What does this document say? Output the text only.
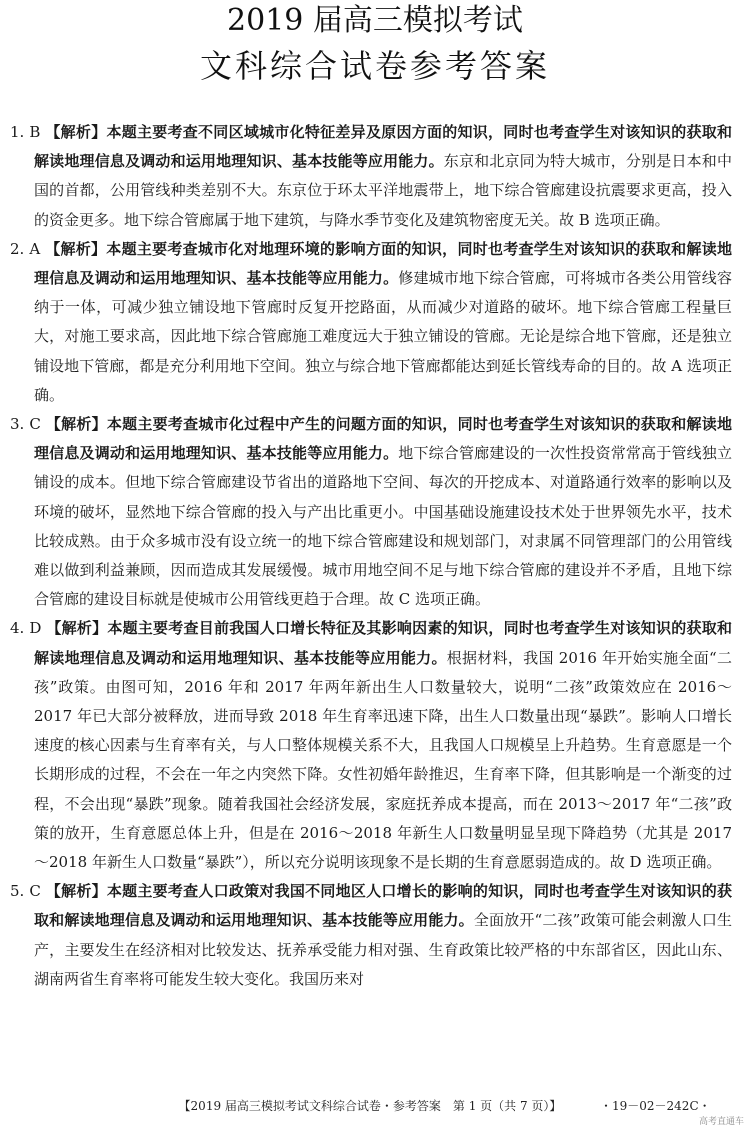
2019 届高三模拟考试
文科综合试卷参考答案
1. B 【解析】本题主要考查不同区域城市化特征差异及原因方面的知识，同时也考查学生对该知识的获取和解读地理信息及调动和运用地理知识、基本技能等应用能力。东京和北京同为特大城市，分别是日本和中国的首都，公用管线种类差别不大。东京位于环太平洋地震带上，地下综合管廊建设抗震要求更高，投入的资金更多。地下综合管廊属于地下建筑，与降水季节变化及建筑物密度无关。故 B 选项正确。
2. A 【解析】本题主要考查城市化对地理环境的影响方面的知识，同时也考查学生对该知识的获取和解读地理信息及调动和运用地理知识、基本技能等应用能力。修建城市地下综合管廊，可将城市各类公用管线容纳于一体，可减少独立铺设地下管廊时反复开挖路面，从而减少对道路的破坏。地下综合管廊工程量巨大，对施工要求高，因此地下综合管廊施工难度远大于独立铺设的管廊。无论是综合地下管廊，还是独立铺设地下管廊，都是充分利用地下空间。独立与综合地下管廊都能达到延长管线寿命的目的。故 A 选项正确。
3. C 【解析】本题主要考查城市化过程中产生的问题方面的知识，同时也考查学生对该知识的获取和解读地理信息及调动和运用地理知识、基本技能等应用能力。地下综合管廊建设的一次性投资常常高于管线独立铺设的成本。但地下综合管廊建设节省出的道路地下空间、每次的开挖成本、对道路通行效率的影响以及环境的破坏，显然地下综合管廊的投入与产出比重更小。中国基础设施建设技术处于世界领先水平，技术比较成熟。由于众多城市没有设立统一的地下综合管廊建设和规划部门，对隶属不同管理部门的公用管线难以做到利益兼顾，因而造成其发展缓慢。城市用地空间不足与地下综合管廊的建设并不矛盾，且地下综合管廊的建设目标就是使城市公用管线更趋于合理。故 C 选项正确。
4. D 【解析】本题主要考查目前我国人口增长特征及其影响因素的知识，同时也考查学生对该知识的获取和解读地理信息及调动和运用地理知识、基本技能等应用能力。根据材料，我国 2016 年开始实施全面“二孩”政策。由图可知，2016 年和 2017 年两年新出生人口数量较大，说明“二孩”政策效应在 2016～2017 年已大部分被释放，进而导致 2018 年生育率迅速下降，出生人口数量出现“暴跌”。影响人口增长速度的核心因素与生育率有关，与人口整体规模关系不大，且我国人口规模呈上升趋势。生育意愿是一个长期形成的过程，不会在一年之内突然下降。女性初婚年龄推迟，生育率下降，但其影响是一个渐变的过程，不会出现“暴跌”现象。随着我国社会经济发展，家庭抚养成本提高，而在 2013～2017 年“二孩”政策的放开，生育意愿总体上升，但是在 2016～2018 年新生人口数量明显呈现下降趋势（尤其是 2017～2018 年新生人口数量“暴跌”），所以充分说明该现象不是长期的生育意愿弱造成的。故 D 选项正确。
5. C 【解析】本题主要考查人口政策对我国不同地区人口增长的影响的知识，同时也考查学生对该知识的获取和解读地理信息及调动和运用地理知识、基本技能等应用能力。全面放开“二孩”政策可能会刺激人口生产，主要发生在经济相对比较发达、抚养承受能力相对强、生育政策比较严格的中东部省区，因此山东、湖南两省生育率将可能发生较大变化。我国历来对
【2019 届高三模拟考试文科综合试卷・参考答案　第 1 页（共 7 页）】	・19－02－242C・
高考直通车
